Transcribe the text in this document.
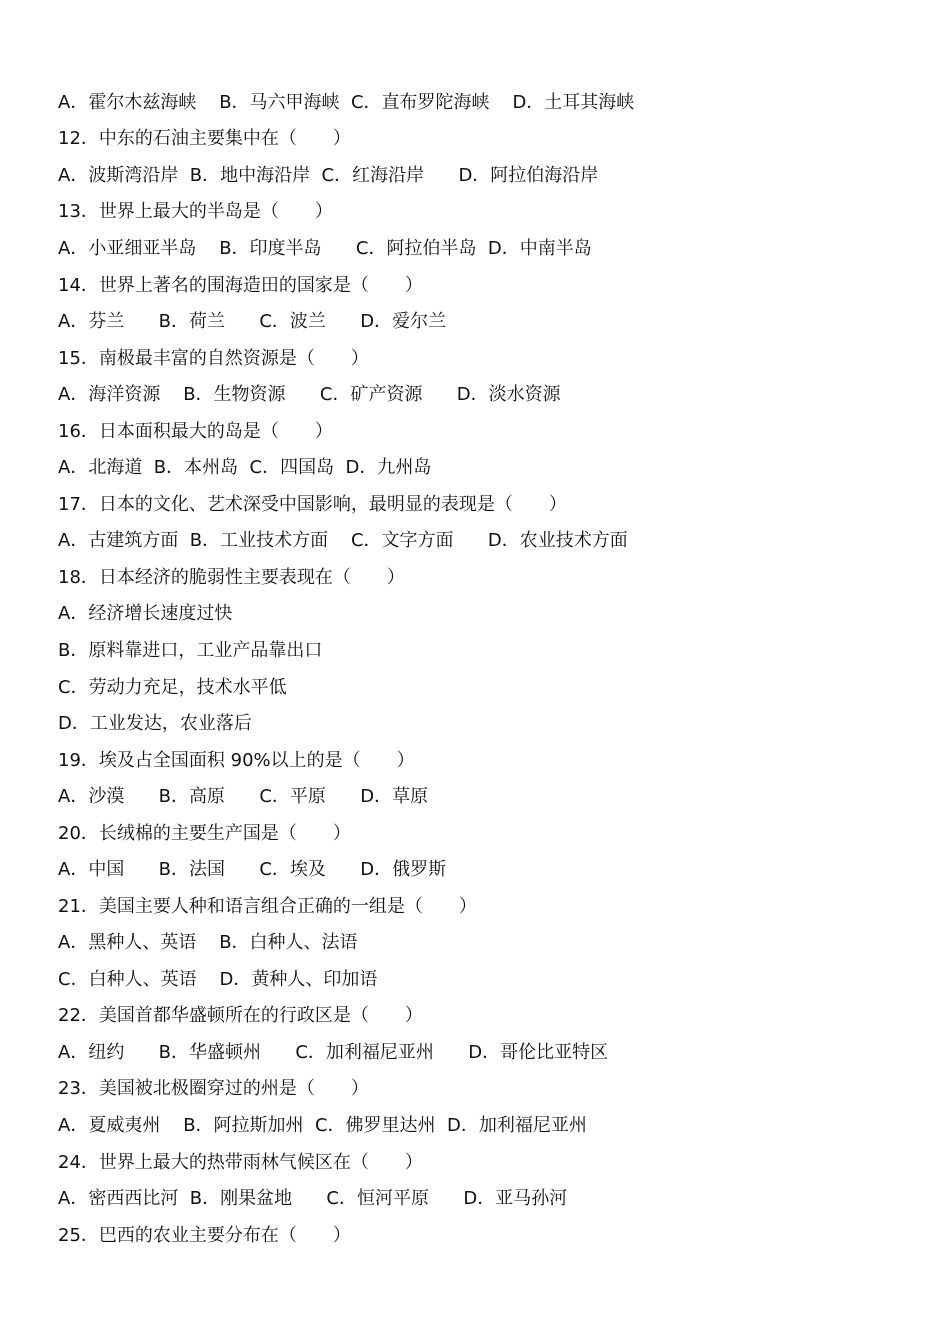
A．霍尔木兹海峡    B．马六甲海峡  C．直布罗陀海峡    D．土耳其海峡
12．中东的石油主要集中在（　　）
A．波斯湾沿岸  B．地中海沿岸  C．红海沿岸      D．阿拉伯海沿岸
13．世界上最大的半岛是（　　）
A．小亚细亚半岛    B．印度半岛      C．阿拉伯半岛  D．中南半岛
14．世界上著名的围海造田的国家是（　　）
A．芬兰      B．荷兰      C．波兰      D．爱尔兰
15．南极最丰富的自然资源是（　　）
A．海洋资源    B．生物资源      C．矿产资源      D．淡水资源
16．日本面积最大的岛是（　　）
A．北海道  B．本州岛  C．四国岛  D．九州岛
17．日本的文化、艺术深受中国影响，最明显的表现是（　　）
A．古建筑方面  B．工业技术方面    C．文字方面      D．农业技术方面
18．日本经济的脆弱性主要表现在（　　）
A．经济增长速度过快
B．原料靠进口，工业产品靠出口
C．劳动力充足，技术水平低
D．工业发达，农业落后
19．埃及占全国面积 90%以上的是（　　）
A．沙漠      B．高原      C．平原      D．草原
20．长绒棉的主要生产国是（　　）
A．中国      B．法国      C．埃及      D．俄罗斯
21．美国主要人种和语言组合正确的一组是（　　）
A．黑种人、英语    B．白种人、法语
C．白种人、英语    D．黄种人、印加语
22．美国首都华盛顿所在的行政区是（　　）
A．纽约      B．华盛顿州      C．加利福尼亚州      D．哥伦比亚特区
23．美国被北极圈穿过的州是（　　）
A．夏威夷州    B．阿拉斯加州  C．佛罗里达州  D．加利福尼亚州
24．世界上最大的热带雨林气候区在（　　）
A．密西西比河  B．刚果盆地      C．恒河平原      D．亚马孙河
25．巴西的农业主要分布在（　　）
